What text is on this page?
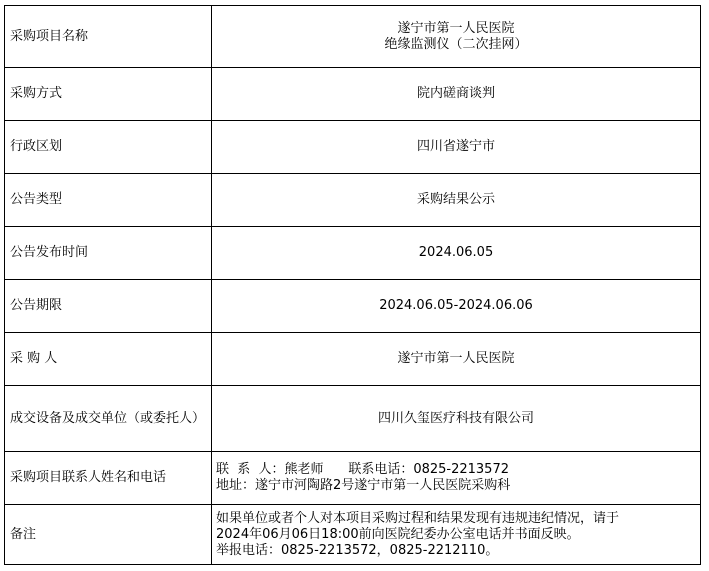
采购项目名称	遂宁市第一人民医院
绝缘监测仪（二次挂网）

采购方式	院内磋商谈判
行政区划	四川省遂宁市
公告类型	采购结果公示
公告发布时间	2024.06.05
公告期限	2024.06.05-2024.06.06
采 购 人	遂宁市第一人民医院
成交设备及成交单位（或委托人）	四川久玺医疗科技有限公司
采购项目联系人姓名和电话	联  系  人：熊老师      联系电话：0825-2213572
地址：遂宁市河陶路2号遂宁市第一人民医院采购科

备注	如果单位或者个人对本项目采购过程和结果发现有违规违纪情况，请于
2024年06月06日18:00前向医院纪委办公室电话并书面反映。
举报电话：0825-2213572，0825-2212110。
